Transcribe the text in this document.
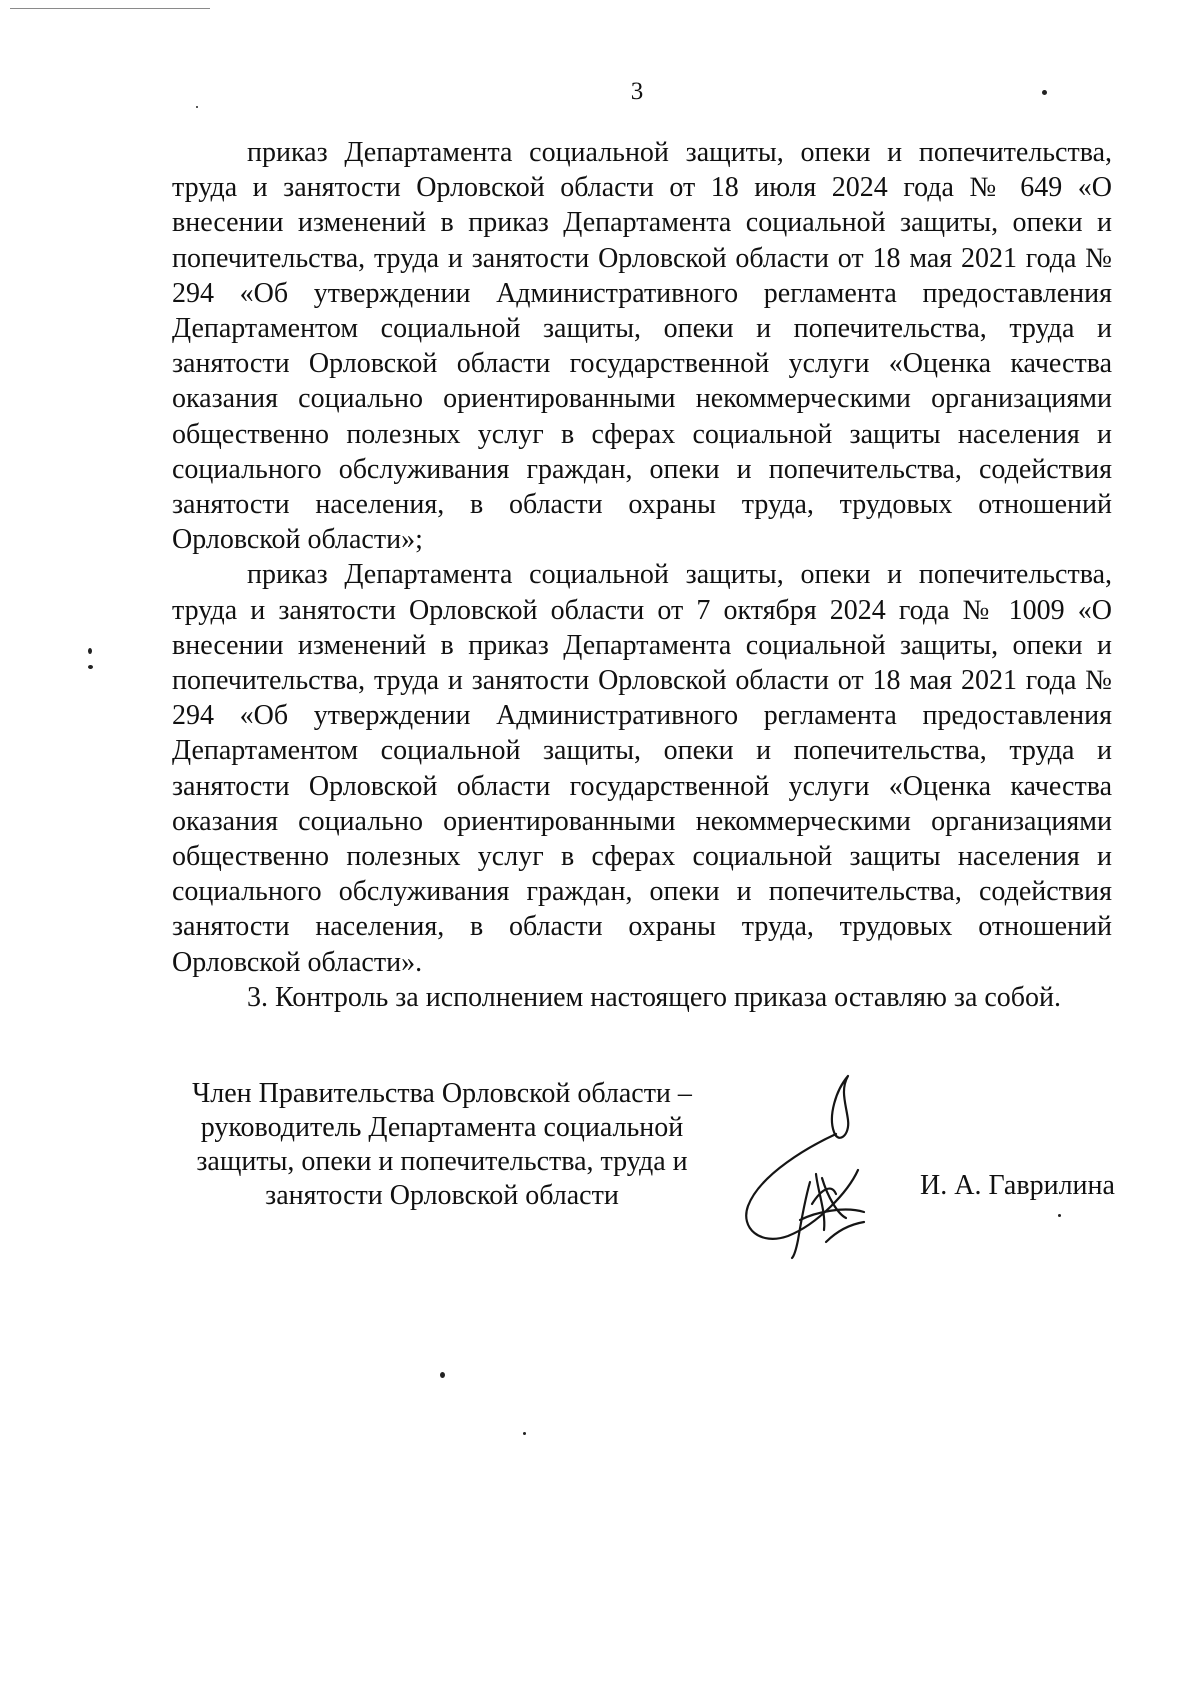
3

приказ Департамента социальной защиты, опеки и попечительства, труда и занятости Орловской области от 18 июля 2024 года № 649 «О внесении изменений в приказ Департамента социальной защиты, опеки и попечительства, труда и занятости Орловской области от 18 мая 2021 года № 294 «Об утверждении Административного регламента предоставления Департаментом социальной защиты, опеки и попечительства, труда и занятости Орловской области государственной услуги «Оценка качества оказания социально ориентированными некоммерческими организациями общественно полезных услуг в сферах социальной защиты населения и социального обслуживания граждан, опеки и попечительства, содействия занятости населения, в области охраны труда, трудовых отношений Орловской области»;

приказ Департамента социальной защиты, опеки и попечительства, труда и занятости Орловской области от 7 октября 2024 года № 1009 «О внесении изменений в приказ Департамента социальной защиты, опеки и попечительства, труда и занятости Орловской области от 18 мая 2021 года № 294 «Об утверждении Административного регламента предоставления Департаментом социальной защиты, опеки и попечительства, труда и занятости Орловской области государственной услуги «Оценка качества оказания социально ориентированными некоммерческими организациями общественно полезных услуг в сферах социальной защиты населения и социального обслуживания граждан, опеки и попечительства, содействия занятости населения, в области охраны труда, трудовых отношений Орловской области».

3. Контроль за исполнением настоящего приказа оставляю за собой.

Член Правительства Орловской области –
руководитель Департамента социальной
защиты, опеки и попечительства, труда и
занятости Орловской области	И. А. Гаврилина
